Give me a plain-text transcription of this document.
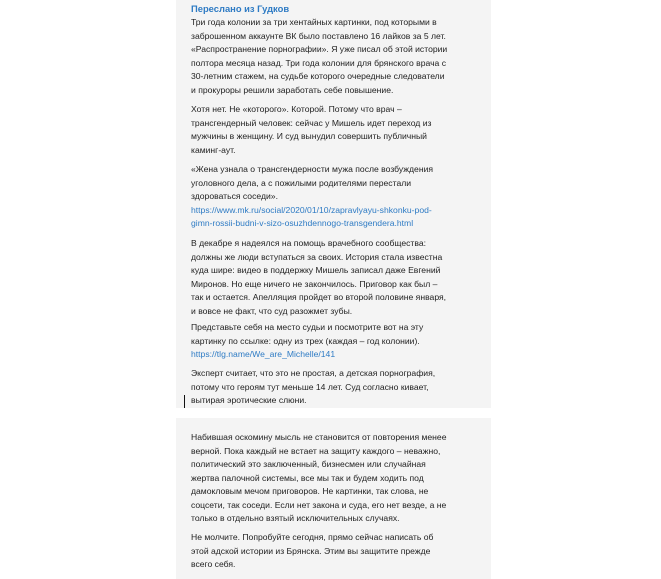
Переслано из Гудков
Три года колонии за три хентайных картинки, под которыми в
заброшенном аккаунте ВК было поставлено 16 лайков за 5 лет.
«Распространение порнографии». Я уже писал об этой истории
полтора месяца назад. Три года колонии для брянского врача с
30-летним стажем, на судьбе которого очередные следователи
и прокуроры решили заработать себе повышение.
Хотя нет. Не «которого». Которой. Потому что врач –
трансгендерный человек: сейчас у Мишель идет переход из
мужчины в женщину. И суд вынудил совершить публичный
каминг-аут.
«Жена узнала о трансгендерности мужа после возбуждения
уголовного дела, а с пожилыми родителями перестали
здороваться соседи».
https://www.mk.ru/social/2020/01/10/zapravlyayu-shkonku-pod-
gimn-rossii-budni-v-sizo-osuzhdennogo-transgendera.html
В декабре я надеялся на помощь врачебного сообщества:
должны же люди вступаться за своих. История стала известна
куда шире: видео в поддержку Мишель записал даже Евгений
Миронов. Но еще ничего не закончилось. Приговор как был –
так и остается. Апелляция пройдет во второй половине января,
и вовсе не факт, что суд разожмет зубы.
Представьте себя на место судьи и посмотрите вот на эту
картинку по ссылке: одну из трех (каждая – год колонии).
https://tlg.name/We_are_Michelle/141
Эксперт считает, что это не простая, а детская порнография,
потому что героям тут меньше 14 лет. Суд согласно кивает,
вытирая эротические слюни.
Набившая оскомину мысль не становится от повторения менее
верной. Пока каждый не встает на защиту каждого – неважно,
политический это заключенный, бизнесмен или случайная
жертва палочной системы, все мы так и будем ходить под
дамокловым мечом приговоров. Не картинки, так слова, не
соцсети, так соседи. Если нет закона и суда, его нет везде, а не
только в отдельно взятый исключительных случаях.
Не молчите. Попробуйте сегодня, прямо сейчас написать об
этой адской истории из Брянска. Этим вы защитите прежде
всего себя.
